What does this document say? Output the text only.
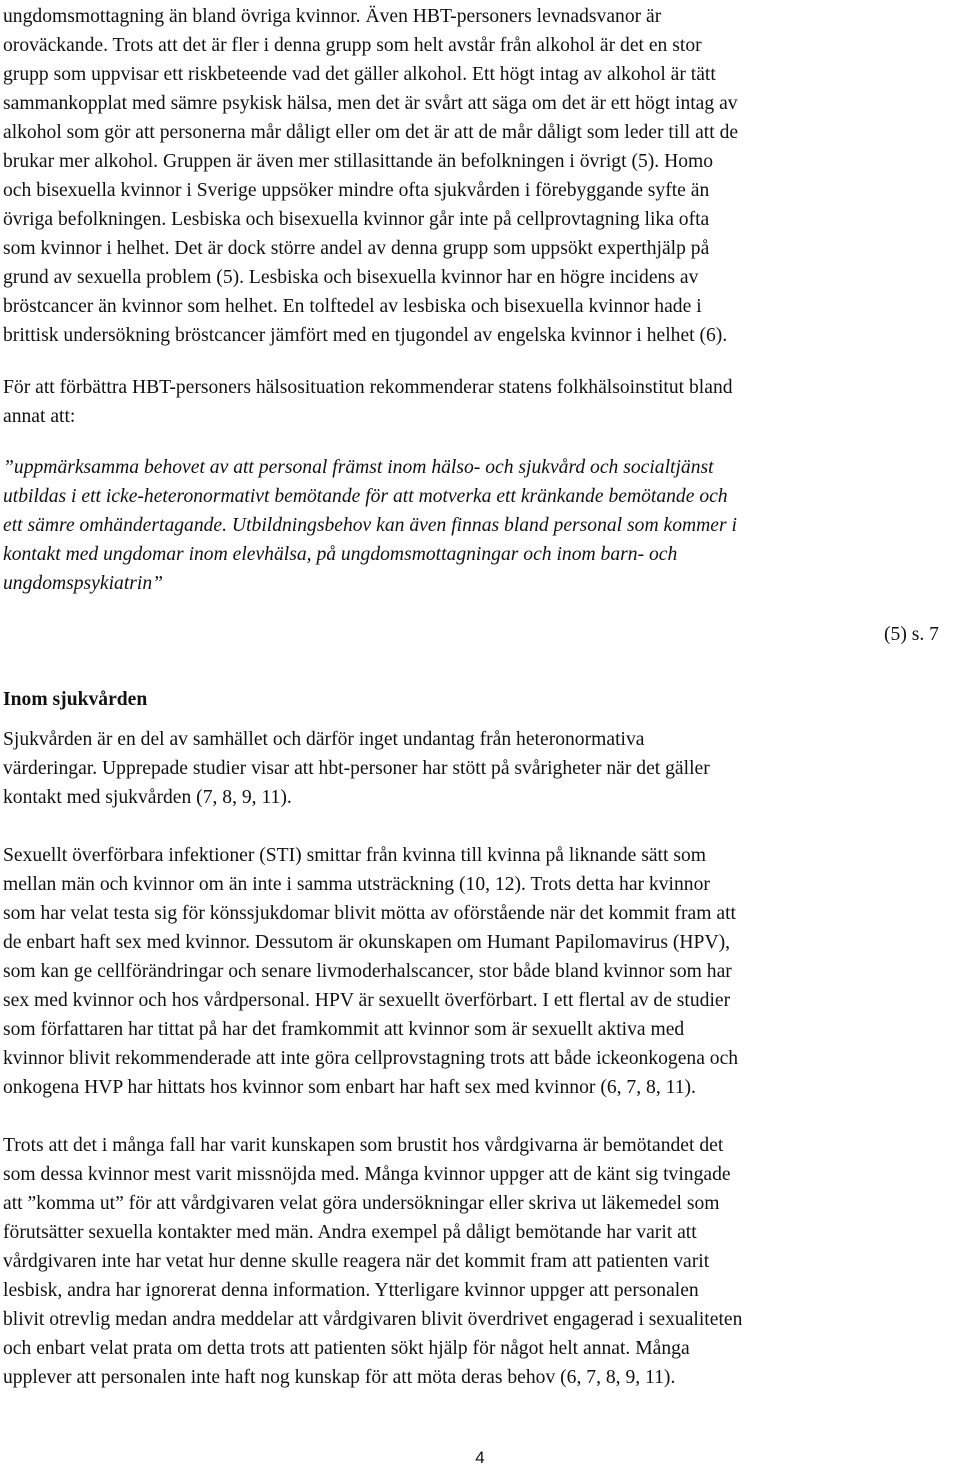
ungdomsmottagning än bland övriga kvinnor. Även HBT-personers levnadsvanor är
oroväckande. Trots att det är fler i denna grupp som helt avstår från alkohol är det en stor
grupp som uppvisar ett riskbeteende vad det gäller alkohol. Ett högt intag av alkohol är tätt
sammankopplat med sämre psykisk hälsa, men det är svårt att säga om det är ett högt intag av
alkohol som gör att personerna mår dåligt eller om det är att de mår dåligt som leder till att de
brukar mer alkohol. Gruppen är även mer stillasittande än befolkningen i övrigt (5). Homo
och bisexuella kvinnor i Sverige uppsöker mindre ofta sjukvården i förebyggande syfte än
övriga befolkningen. Lesbiska och bisexuella kvinnor går inte på cellprovtagning lika ofta
som kvinnor i helhet. Det är dock större andel av denna grupp som uppsökt experthjälp på
grund av sexuella problem (5). Lesbiska och bisexuella kvinnor har en högre incidens av
bröstcancer än kvinnor som helhet. En tolftedel av lesbiska och bisexuella kvinnor hade i
brittisk undersökning bröstcancer jämfört med en tjugondel av engelska kvinnor i helhet (6).

För att förbättra HBT-personers hälsosituation rekommenderar statens folkhälsoinstitut bland
annat att:

”uppmärksamma behovet av att personal främst inom hälso- och sjukvård och socialtjänst
utbildas i ett icke-heteronormativt bemötande för att motverka ett kränkande bemötande och
ett sämre omhändertagande. Utbildningsbehov kan även finnas bland personal som kommer i
kontakt med ungdomar inom elevhälsa, på ungdomsmottagningar och inom barn- och
ungdomspsykiatrin”
(5) s. 7
Inom sjukvården

Sjukvården är en del av samhället och därför inget undantag från heteronormativa
värderingar. Upprepade studier visar att hbt-personer har stött på svårigheter när det gäller
kontakt med sjukvården (7, 8, 9, 11).

Sexuellt överförbara infektioner (STI) smittar från kvinna till kvinna på liknande sätt som
mellan män och kvinnor om än inte i samma utsträckning (10, 12). Trots detta har kvinnor
som har velat testa sig för könssjukdomar blivit mötta av oförstående när det kommit fram att
de enbart haft sex med kvinnor. Dessutom är okunskapen om Humant Papilomavirus (HPV),
som kan ge cellförändringar och senare livmoderhalscancer, stor både bland kvinnor som har
sex med kvinnor och hos vårdpersonal. HPV är sexuellt överförbart. I ett flertal av de studier
som författaren har tittat på har det framkommit att kvinnor som är sexuellt aktiva med
kvinnor blivit rekommenderade att inte göra cellprovstagning trots att både ickeonkogena och
onkogena HVP har hittats hos kvinnor som enbart har haft sex med kvinnor (6, 7, 8, 11).

Trots att det i många fall har varit kunskapen som brustit hos vårdgivarna är bemötandet det
som dessa kvinnor mest varit missnöjda med. Många kvinnor uppger att de känt sig tvingade
att ”komma ut” för att vårdgivaren velat göra undersökningar eller skriva ut läkemedel som
förutsätter sexuella kontakter med män. Andra exempel på dåligt bemötande har varit att
vårdgivaren inte har vetat hur denne skulle reagera när det kommit fram att patienten varit
lesbisk, andra har ignorerat denna information. Ytterligare kvinnor uppger att personalen
blivit otrevlig medan andra meddelar att vårdgivaren blivit överdrivet engagerad i sexualiteten
och enbart velat prata om detta trots att patienten sökt hjälp för något helt annat. Många
upplever att personalen inte haft nog kunskap för att möta deras behov (6, 7, 8, 9, 11).

4
